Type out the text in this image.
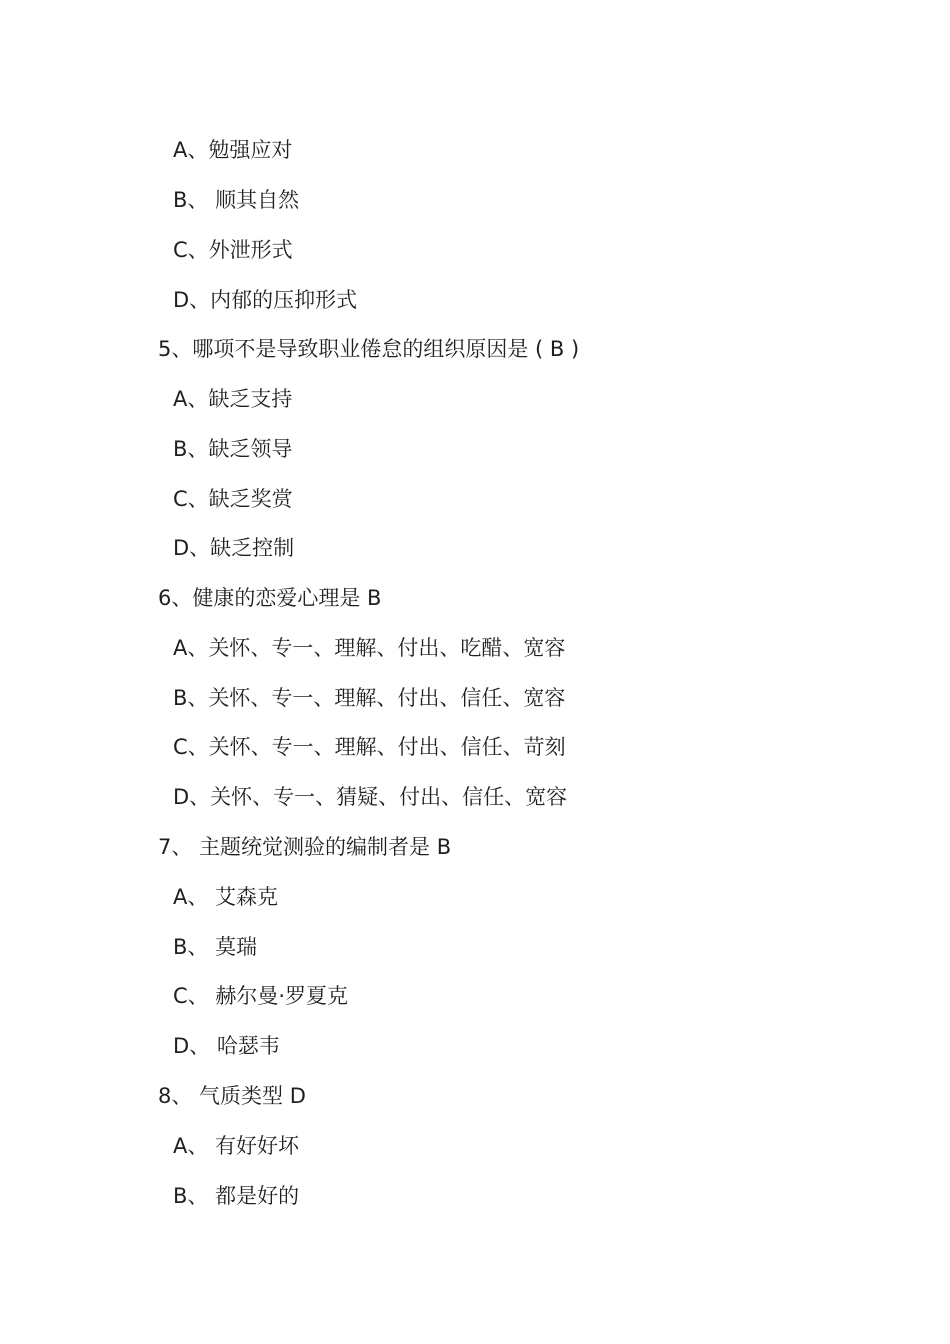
A、勉强应对
B、 顺其自然
C、外泄形式
D、内郁的压抑形式
5、哪项不是导致职业倦怠的组织原因是 ( B )
A、缺乏支持
B、缺乏领导
C、缺乏奖赏
D、缺乏控制
6、健康的恋爱心理是 B
A、关怀、专一、理解、付出、吃醋、宽容
B、关怀、专一、理解、付出、信任、宽容
C、关怀、专一、理解、付出、信任、苛刻
D、关怀、专一、猜疑、付出、信任、宽容
7、 主题统觉测验的编制者是 B
A、 艾森克
B、 莫瑞
C、 赫尔曼·罗夏克
D、 哈瑟韦
8、 气质类型 D
A、 有好好坏
B、 都是好的
